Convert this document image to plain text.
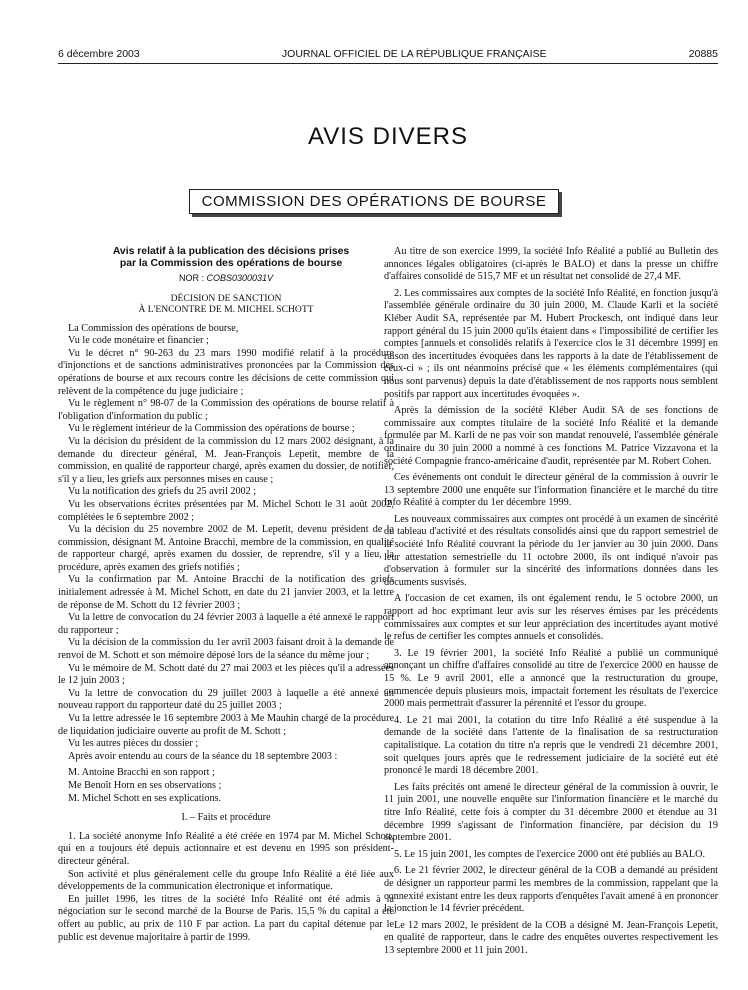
6 décembre 2003	JOURNAL OFFICIEL DE LA RÉPUBLIQUE FRANÇAISE	20885
AVIS DIVERS
COMMISSION DES OPÉRATIONS DE BOURSE

Avis relatif à la publication des décisions prises

par la Commission des opérations de bourse

NOR : COBS0300031V
DÉCISION DE SANCTION
À L'ENCONTRE DE M. MICHEL SCHOTT

La Commission des opérations de bourse,

Vu le code monétaire et financier ;

Vu le décret n° 90-263 du 23 mars 1990 modifié relatif à la procédure d'injonctions et de sanctions administratives prononcées par la Commission des opérations de bourse et aux recours contre les décisions de cette commission qui relèvent de la compétence du juge judiciaire ;

Vu le règlement n° 98-07 de la Commission des opérations de bourse relatif à l'obligation d'information du public ;

Vu le règlement intérieur de la Commission des opérations de bourse ;

Vu la décision du président de la commission du 12 mars 2002 désignant, à la demande du directeur général, M. Jean-François Lepetit, membre de la commission, en qualité de rapporteur chargé, après examen du dossier, de notifier, s'il y a lieu, les griefs aux personnes mises en cause ;

Vu la notification des griefs du 25 avril 2002 ;

Vu les observations écrites présentées par M. Michel Schott le 31 août 2002, complétées le 6 septembre 2002 ;

Vu la décision du 25 novembre 2002 de M. Lepetit, devenu président de la commission, désignant M. Antoine Bracchi, membre de la commission, en qualité de rapporteur chargé, après examen du dossier, de reprendre, s'il y a lieu, la procédure, après examen des griefs notifiés ;

Vu la confirmation par M. Antoine Bracchi de la notification des griefs initialement adressée à M. Michel Schott, en date du 21 janvier 2003, et la lettre de réponse de M. Schott du 12 février 2003 ;

Vu la lettre de convocation du 24 février 2003 à laquelle a été annexé le rapport du rapporteur ;

Vu la décision de la commission du 1er avril 2003 faisant droit à la demande de renvoi de M. Schott et son mémoire déposé lors de la séance du même jour ;

Vu le mémoire de M. Schott daté du 27 mai 2003 et les pièces qu'il a adressées le 12 juin 2003 ;

Vu la lettre de convocation du 29 juillet 2003 à laquelle a été annexé un nouveau rapport du rapporteur daté du 25 juillet 2003 ;

Vu la lettre adressée le 16 septembre 2003 à Me Mauhin chargé de la procédure de liquidation judiciaire ouverte au profit de M. Schott ;

Vu les autres pièces du dossier ;

Après avoir entendu au cours de la séance du 18 septembre 2003 :

M. Antoine Bracchi en son rapport ;
Me Benoît Horn en ses observations ;
M. Michel Schott en ses explications.
I. – Faits et procédure

1. La société anonyme Info Réalité a été créée en 1974 par M. Michel Schott, qui en a toujours été depuis actionnaire et est devenu en 1995 son président-directeur général.

Son activité et plus généralement celle du groupe Info Réalité a été liée aux développements de la communication électronique et informatique.

En juillet 1996, les titres de la société Info Réalité ont été admis à la négociation sur le second marché de la Bourse de Paris. 15,5 % du capital a été offert au public, au prix de 110 F par action. La part du capital détenue par le public est devenue majoritaire à partir de 1999.

Au titre de son exercice 1999, la société Info Réalité a publié au Bulletin des annonces légales obligatoires (ci-après le BALO) et dans la presse un chiffre d'affaires consolidé de 515,7 MF et un résultat net consolidé de 27,4 MF.

2. Les commissaires aux comptes de la société Info Réalité, en fonction jusqu'à l'assemblée générale ordinaire du 30 juin 2000, M. Claude Karli et la société Kléber Audit SA, représentée par M. Hubert Prockesch, ont indiqué dans leur rapport général du 15 juin 2000 qu'ils étaient dans « l'impossibilité de certifier les comptes [annuels et consolidés relatifs à l'exercice clos le 31 décembre 1999] en raison des incertitudes évoquées dans les rapports à la date de l'établissement de ceux-ci » ; ils ont néanmoins précisé que « les éléments complémentaires (qui nous sont parvenus) depuis la date d'établissement de nos rapports nous semblent positifs par rapport aux incertitudes évoquées ».

Après la démission de la société Kléber Audit SA de ses fonctions de commissaire aux comptes titulaire de la société Info Réalité et la demande formulée par M. Karli de ne pas voir son mandat renouvelé, l'assemblée générale ordinaire du 30 juin 2000 a nommé à ces fonctions M. Patrice Vizzavona et la société Compagnie franco-américaine d'audit, représentée par M. Robert Cohen.

Ces événements ont conduit le directeur général de la commission à ouvrir le 13 septembre 2000 une enquête sur l'information financière et le marché du titre Info Réalité à compter du 1er décembre 1999.

Les nouveaux commissaires aux comptes ont procédé à un examen de sincérité du tableau d'activité et des résultats consolidés ainsi que du rapport semestriel de la société Info Réalité couvrant la période du 1er janvier au 30 juin 2000. Dans leur attestation semestrielle du 11 octobre 2000, ils ont indiqué n'avoir pas d'observation à formuler sur la sincérité des informations données dans les documents susvisés.

A l'occasion de cet examen, ils ont également rendu, le 5 octobre 2000, un rapport ad hoc exprimant leur avis sur les réserves émises par les précédents commissaires aux comptes et sur leur appréciation des incertitudes ayant motivé le refus de certifier les comptes annuels et consolidés.

3. Le 19 février 2001, la société Info Réalité a publié un communiqué annonçant un chiffre d'affaires consolidé au titre de l'exercice 2000 en hausse de 15 %. Le 9 avril 2001, elle a annoncé que la restructuration du groupe, commencée depuis plusieurs mois, impactait fortement les résultats de l'exercice 2000 mais permettrait d'assurer la pérennité et l'essor du groupe.

4. Le 21 mai 2001, la cotation du titre Info Réalité a été suspendue à la demande de la société dans l'attente de la finalisation de sa restructuration capitalistique. La cotation du titre n'a repris que le vendredi 21 décembre 2001, soit quelques jours après que le redressement judiciaire de la société eut été prononcé le mardi 18 décembre 2001.

Les faits précités ont amené le directeur général de la commission à ouvrir, le 11 juin 2001, une nouvelle enquête sur l'information financière et le marché du titre Info Réalité, cette fois à compter du 31 décembre 2000 et étendue au 31 décembre 1999 s'agissant de l'information financière, par décision du 19 septembre 2001.

5. Le 15 juin 2001, les comptes de l'exercice 2000 ont été publiés au BALO.

6. Le 21 février 2002, le directeur général de la COB a demandé au président de désigner un rapporteur parmi les membres de la commission, rappelant que la connexité existant entre les deux rapports d'enquêtes l'avait amené à en prononcer la jonction le 14 février précédent.

Le 12 mars 2002, le président de la COB a désigné M. Jean-François Lepetit, en qualité de rapporteur, dans le cadre des enquêtes ouvertes respectivement les 13 septembre 2000 et 11 juin 2001.
